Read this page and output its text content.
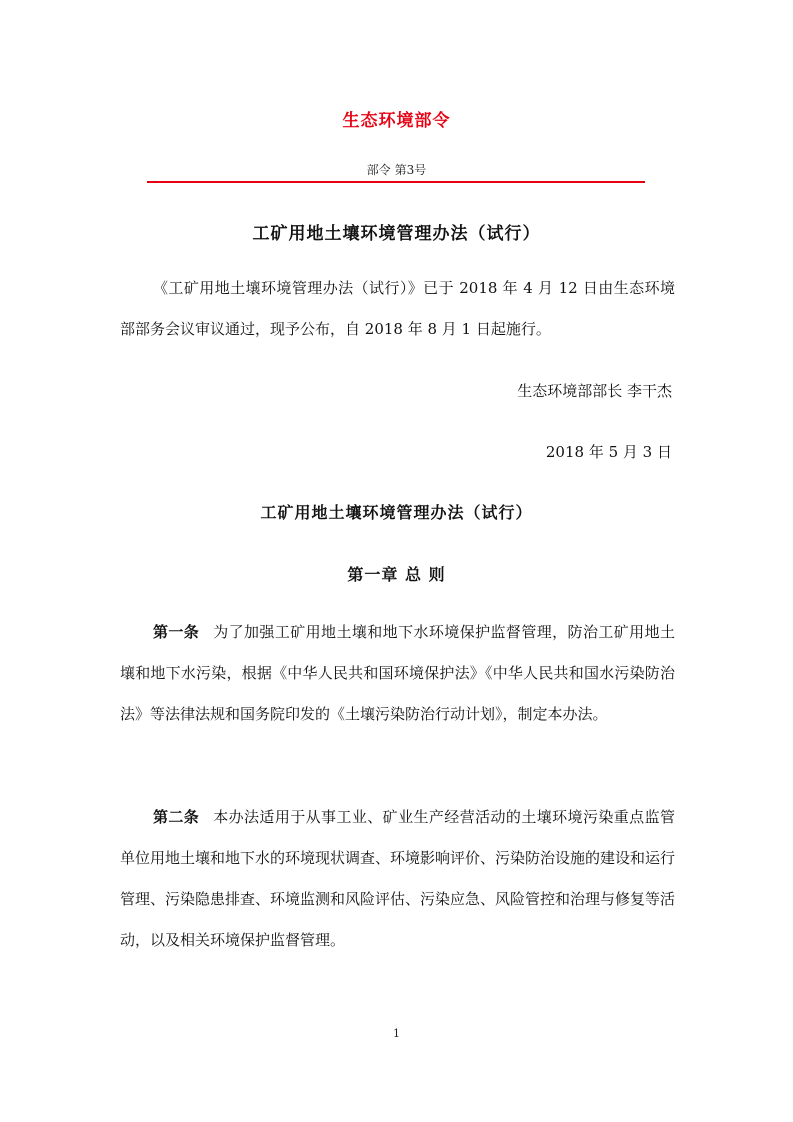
生态环境部令
部令 第3号
工矿用地土壤环境管理办法（试行）
《工矿用地土壤环境管理办法（试行）》已于 2018 年 4 月 12 日由生态环境部部务会议审议通过，现予公布，自 2018 年 8 月 1 日起施行。
生态环境部部长 李干杰
2018 年 5 月 3 日
工矿用地土壤环境管理办法（试行）
第一章 总 则
第一条 为了加强工矿用地土壤和地下水环境保护监督管理，防治工矿用地土壤和地下水污染，根据《中华人民共和国环境保护法》《中华人民共和国水污染防治法》等法律法规和国务院印发的《土壤污染防治行动计划》，制定本办法。
第二条 本办法适用于从事工业、矿业生产经营活动的土壤环境污染重点监管单位用地土壤和地下水的环境现状调查、环境影响评价、污染防治设施的建设和运行管理、污染隐患排查、环境监测和风险评估、污染应急、风险管控和治理与修复等活动，以及相关环境保护监督管理。
1
